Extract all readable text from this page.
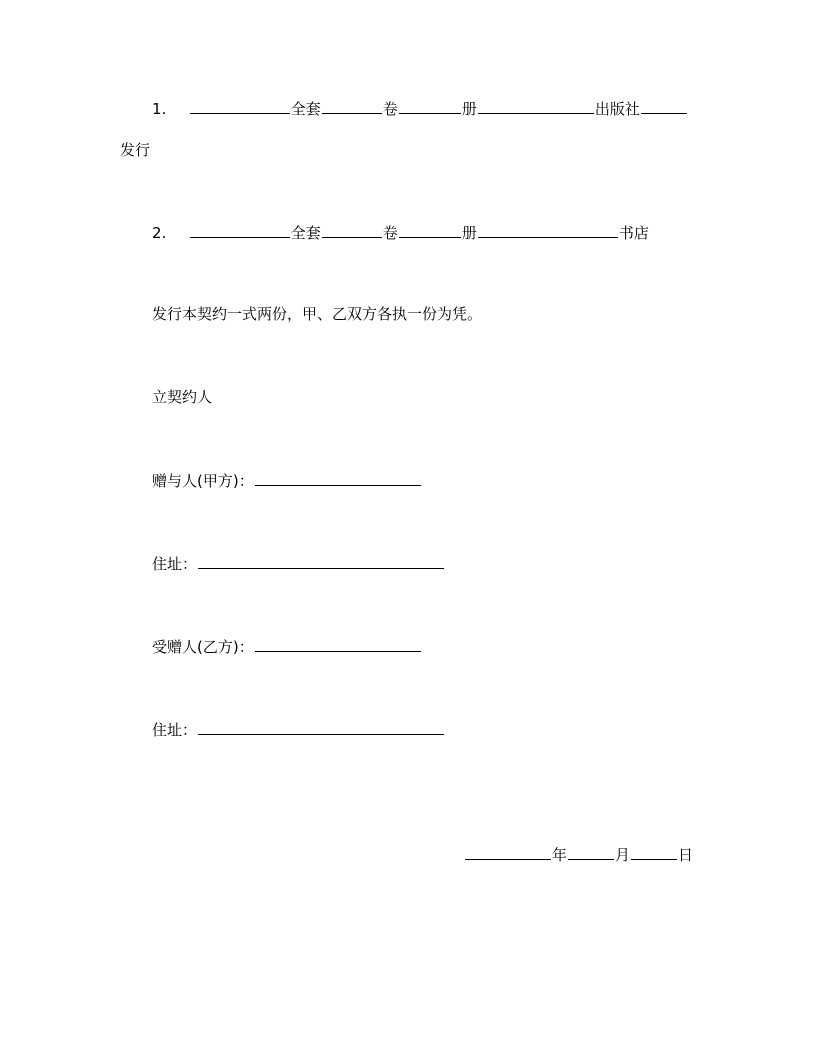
1.	全套	卷	册	出版社
发行
2.	全套	卷	册	书店
发行本契约一式两份，甲、乙双方各执一份为凭。
立契约人
赠与人(甲方)：
住址：
受赠人(乙方)：
住址：
年	月	日
